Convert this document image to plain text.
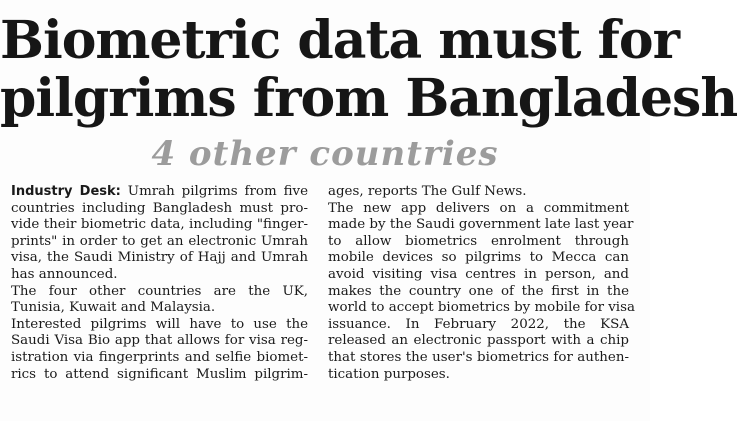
Biometric data must for
pilgrims from Bangladesh
4 other countries
Industry Desk: Umrah pilgrims from five
countries including Bangladesh must pro-
vide their biometric data, including "finger-
prints" in order to get an electronic Umrah
visa, the Saudi Ministry of Hajj and Umrah
has announced.
The four other countries are the UK,
Tunisia, Kuwait and Malaysia.
Interested pilgrims will have to use the
Saudi Visa Bio app that allows for visa reg-
istration via fingerprints and selfie biomet-
rics to attend significant Muslim pilgrim-
ages, reports The Gulf News.
The new app delivers on a commitment
made by the Saudi government late last year
to allow biometrics enrolment through
mobile devices so pilgrims to Mecca can
avoid visiting visa centres in person, and
makes the country one of the first in the
world to accept biometrics by mobile for visa
issuance. In February 2022, the KSA
released an electronic passport with a chip
that stores the user's biometrics for authen-
tication purposes.
